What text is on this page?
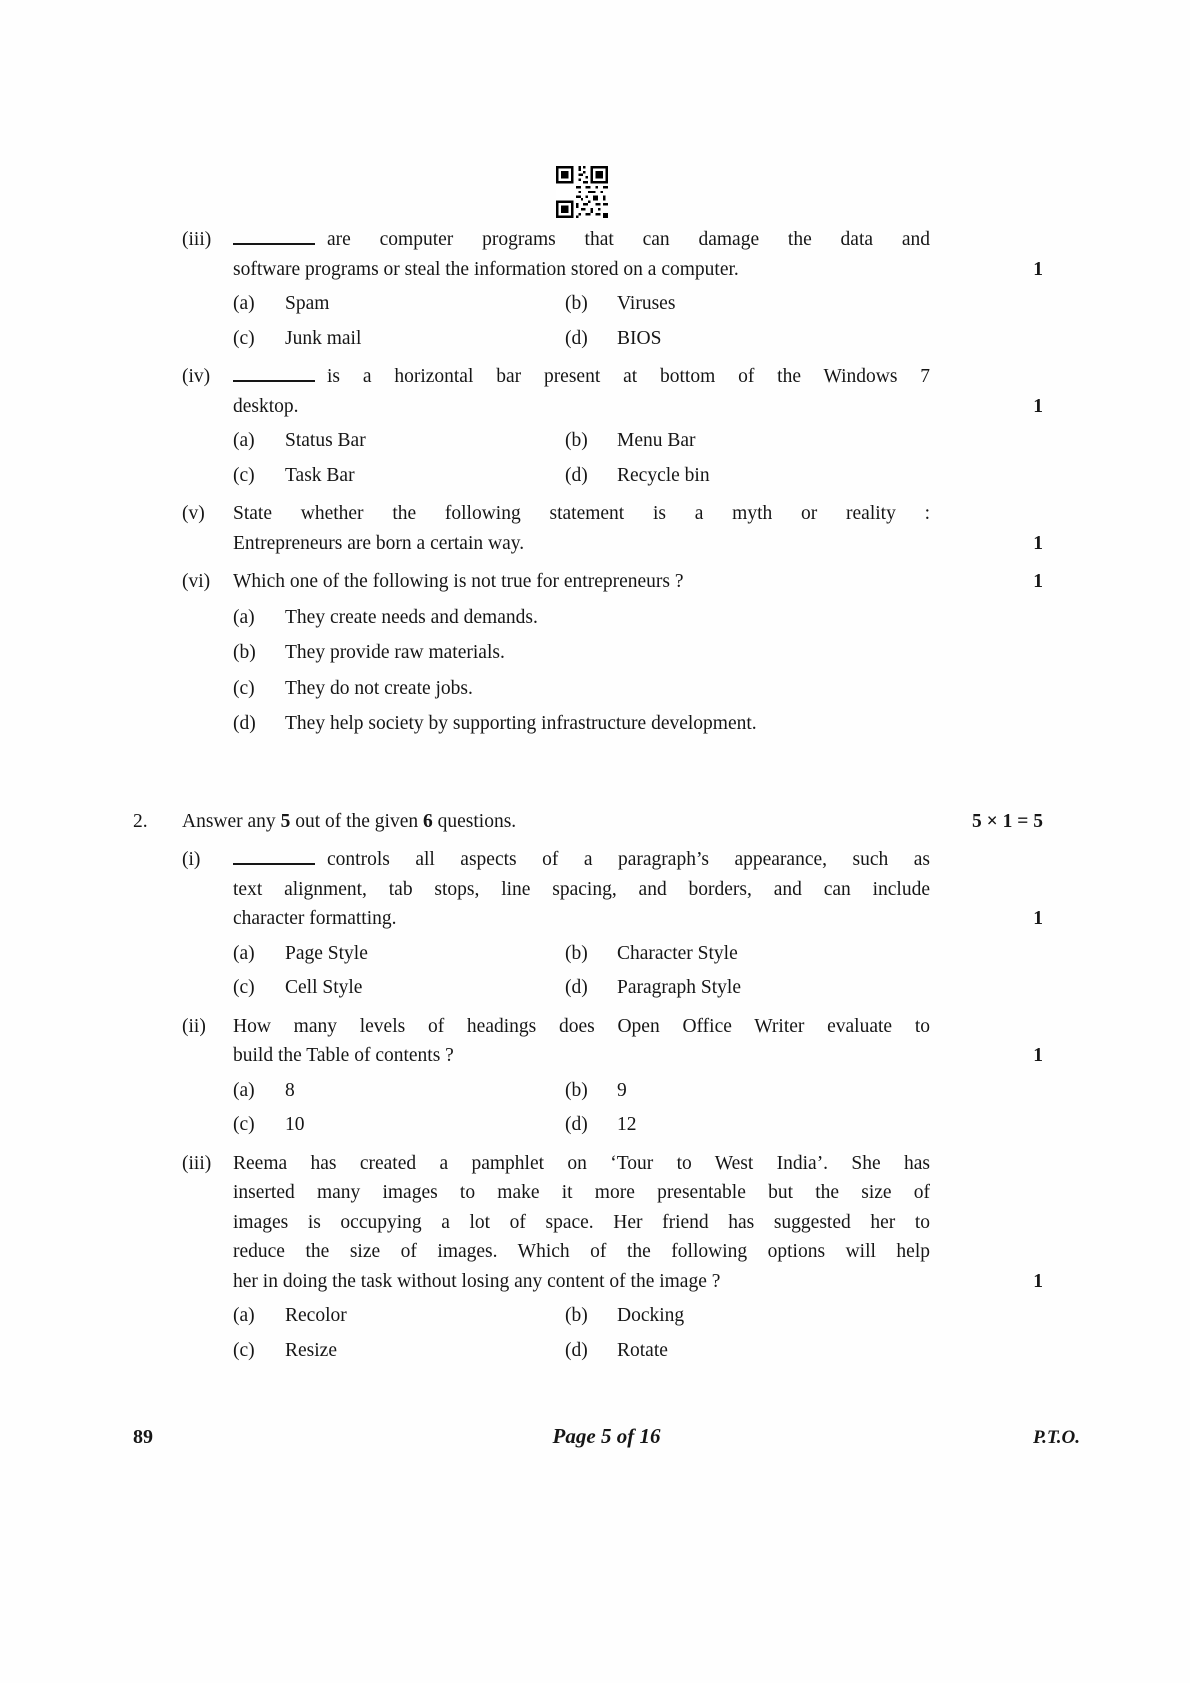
(iii)	are computer programs that can damage the data and
software programs or steal the information stored on a computer.	1
(a)	Spam	(b)	Viruses
(c)	Junk mail	(d)	BIOS
(iv)	is a horizontal bar present at bottom of the Windows 7
desktop.	1
(a)	Status Bar	(b)	Menu Bar
(c)	Task Bar	(d)	Recycle bin
(v)	State whether the following statement is a myth or reality :
Entrepreneurs are born a certain way.	1
(vi)	Which one of the following is not true for entrepreneurs ?	1
(a)	They create needs and demands.
(b)	They provide raw materials.
(c)	They do not create jobs.
(d)	They help society by supporting infrastructure development.
2.	Answer any 5 out of the given 6 questions.	5 × 1 = 5
(i)	controls all aspects of a paragraph’s appearance, such as
text alignment, tab stops, line spacing, and borders, and can include
character formatting.	1
(a)	Page Style	(b)	Character Style
(c)	Cell Style	(d)	Paragraph Style
(ii)	How many levels of headings does Open Office Writer evaluate to
build the Table of contents ?	1
(a)	8	(b)	9
(c)	10	(d)	12
(iii)	Reema has created a pamphlet on ‘Tour to West India’. She has
inserted many images to make it more presentable but the size of
images is occupying a lot of space. Her friend has suggested her to
reduce the size of images. Which of the following options will help
her in doing the task without losing any content of the image ?	1
(a)	Recolor	(b)	Docking
(c)	Resize	(d)	Rotate
89	Page 5 of 16	P.T.O.
